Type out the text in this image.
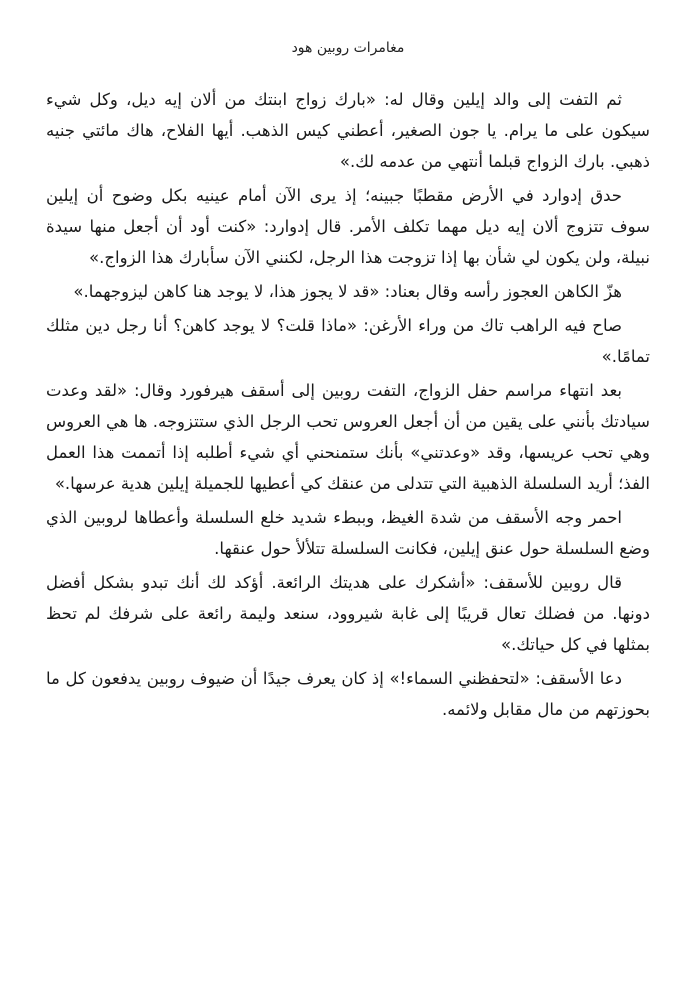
مغامرات روبين هود

ثم التفت إلى والد إيلين وقال له: «بارك زواج ابنتك من ألان إيه ديل، وكل شيء سيكون على ما يرام. يا جون الصغير، أعطني كيس الذهب. أيها الفلاح، هاك مائتي جنيه ذهبي. بارك الزواج قبلما أنتهي من عدمه لك.»

حدق إدوارد في الأرض مقطبًا جبينه؛ إذ يرى الآن أمام عينيه بكل وضوح أن إيلين سوف تتزوج ألان إيه ديل مهما تكلف الأمر. قال إدوارد: «كنت أود أن أجعل منها سيدة نبيلة، ولن يكون لي شأن بها إذا تزوجت هذا الرجل، لكنني الآن سأبارك هذا الزواج.»

هزّ الكاهن العجوز رأسه وقال بعناد: «قد لا يجوز هذا، لا يوجد هنا كاهن ليزوجهما.»

صاح فيه الراهب تاك من وراء الأرغن: «ماذا قلت؟ لا يوجد كاهن؟ أنا رجل دين مثلك تمامًا.»

بعد انتهاء مراسم حفل الزواج، التفت روبين إلى أسقف هيرفورد وقال: «لقد وعدت سيادتك بأنني على يقين من أن أجعل العروس تحب الرجل الذي ستتزوجه. ها هي العروس وهي تحب عريسها، وقد «وعدتني» بأنك ستمنحني أي شيء أطلبه إذا أتممت هذا العمل الفذ؛ أريد السلسلة الذهبية التي تتدلى من عنقك كي أعطيها للجميلة إيلين هدية عرسها.»

احمر وجه الأسقف من شدة الغيظ، وببطء شديد خلع السلسلة وأعطاها لروبين الذي وضع السلسلة حول عنق إيلين، فكانت السلسلة تتلألأ حول عنقها.

قال روبين للأسقف: «أشكرك على هديتك الرائعة. أؤكد لك أنك تبدو بشكل أفضل دونها. من فضلك تعال قريبًا إلى غابة شيروود، سنعد وليمة رائعة على شرفك لم تحظ بمثلها في كل حياتك.»

دعا الأسقف: «لتحفظني السماء!» إذ كان يعرف جيدًا أن ضيوف روبين يدفعون كل ما بحوزتهم من مال مقابل ولائمه.
